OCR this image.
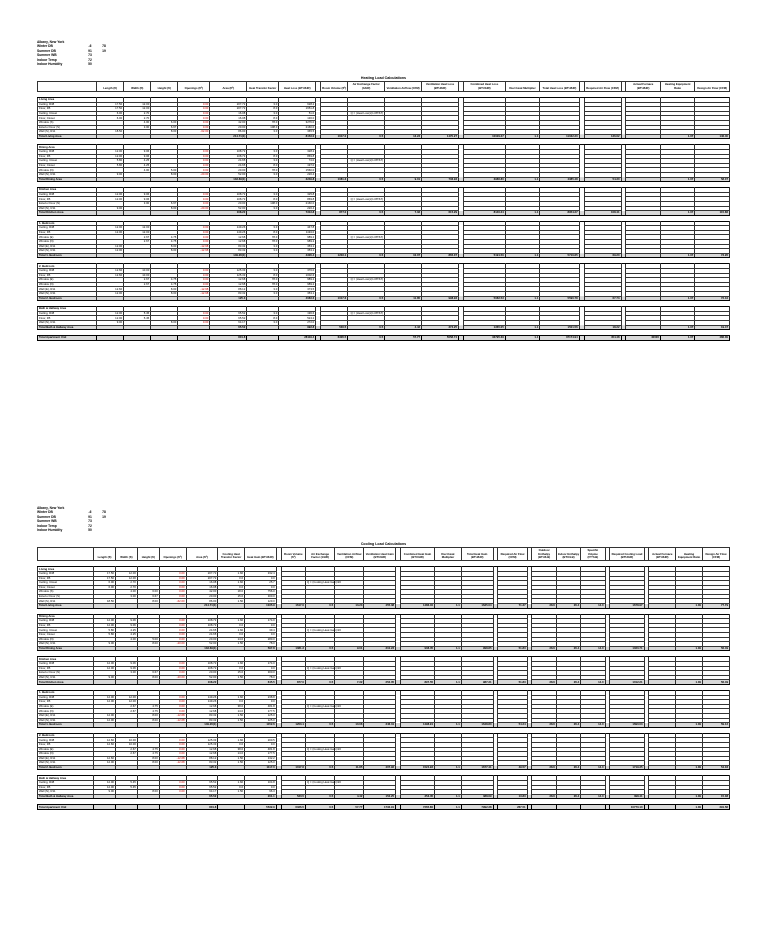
Albany, New York
Winter DB	-6	78
Summer DB	91	19
Summer WB	73
Indoor Temp	72
Indoor Humidity	50
Heating Load Calculations
	Length (ft)	Width (ft)	Height (ft)	Openings (ft²)	Area (ft²)	Heat Transfer Factor	Heat Loss (BTU/HR)		Room Volume (ft³)	Air Exchange Factor (1/HR)	Ventilation Airflow (CFM)	Ventilation Heat Loss (BTU/HR)		Combined Heat Loss (BTU/HR)	Duct Heat Multiplier	Total Heat Loss (BTU/HR)		Required Air Flow (CFM)		Actual Furnace (BTU/HR)	Heating Equipment Ratio	Design Air Flow (CFM)

Living Area																						
Ceiling, R38	17.50	12.00		0.00	207.72	3.0	628.2															
Floor, R5	17.50	12.00		0.00	207.72	8.0	1651.8															
Ceiling, Closet	6.00	2.70		0.00	16.08	3.0	51.0			Q = (Heat Loss)/(1.08*ΔT)												
Floor, Closet	6.00	2.70		0.00	16.08	8.0	130.0															
Window (S)		4.00	6.00	0.00	42.00	78.0	3276.0															
Exterior Door (S)		3.00	6.67	0.00	20.00	108.0	2160.0															
Wall (S), R11	18.50		8.00	-62.00	86.00	3.0	365.5															
Total Living Area					214.71(1)		8153.0		1617.0	0.5	13.23	1470.27		10029.27	1.1	11032.20		136.62			1.07	146.40

Dining Area																						
Ceiling, R38	12.00	9.06		0.00	108.72	3.0	328.2															
Floor, R5	12.00	9.06		0.00	108.72	8.0	869.8															
Ceiling, Closet	5.80	4.25		0.00	24.65	3.0	74.0			Q = (Heat Loss)/(1.08*ΔT)												
Floor, Closet	5.80	4.25		0.00	24.65	8.0	197.0															
Window (N)		4.00	5.00	0.00	20.00	78.0	1560.0															
Wall (N), R11	9.00		8.00	-20.00	52.00	3.0	220.4															
Total Dining Area					133.69(1)		3249.8		1081.3	0.5	9.01	736.93		3986.80	1.1	4385.48		54.30			1.07	58.07

Kitchen Area																						
Ceiling, R38	12.00	9.06		0.00	108.72	3.0	325.8															
Floor, R5	12.00	9.06		0.00	108.72	8.0	869.8			Q = (Heat Loss)/(1.08*ΔT)												
Exterior Door (N)		3.00	6.67	0.00	20.00	108.0	2160.0															
Wall (N), R11	9.00		8.00	-20.00	52.00	3.0	220.4															
Total Kitchen Area					108.22		7313.8		877.0	0.5	7.32	615.29		8140.24	1.1	8954.27		108.41			1.07	115.86

1. Bedroom																						
Ceiling, R38	12.00	12.00		0.00	149.26	3.0	447.8															
Floor, R5	12.00	12.00		0.00	149.26	8.0	1194.0															
Window (E)		2.67	4.75	0.00	12.68	78.0	989.2			Q = (Heat Loss)/(1.08*ΔT)												
Window (N)		2.67	4.75	0.00	12.68	78.0	989.2															
Wall (E), R11	12.00		8.00	-12.68	83.32	3.0	353.1															
Wall (N), R11	12.00		8.00	-12.68	83.32	3.0	353.1															
Total 1. Bedroom					149.26(1)		4326.4		1203.1	0.5	10.07	865.07		5191.50	1.1	5710.65		69.20			1.07	73.95

2. Bedroom																						
Ceiling, R38	12.60	10.00		0.00	125.33	3.0	376.0															
Floor, R5	12.60	10.00		0.00	125.33	8.0	1002.6															
Window (E)		2.67	4.75	0.00	12.68	78.0	989.2			Q = (Heat Loss)/(1.08*ΔT)												
Window (N)		2.67	4.75	0.00	12.68	78.0	989.2															
Wall (E), R11	12.60		8.00	-12.68	88.12	3.0	373.5															
Wall (N), R11	12.00		8.00	-12.68	83.32	3.0	353.1															
Total 2. Bedroom					125.3		4083.6		1017.6	0.5	11.85	998.93		5082.53	1.1	5590.78		67.73			1.07	72.34

Bath & Hallway Area																						
Ceiling, R38	12.00	5.45		0.00	65.52	3.0	196.6			Q = (Heat Loss)/(1.08*ΔT)												
Floor, R5	12.00	5.45		0.00	65.52	8.0	524.2															
Wall (N), R11	9.00		8.00	0.00	64.17	3.0	272.0															
Total Bath & Hallway Area					65.52		992.8		530.5	0.5	4.42	372.25		1365.05	1.1	1501.56		18.22			1.07	19.47

Total Apartment Unit					801.8		28119.4		6326.5	0.5	57.77	5058.74		33795.39	1.1	37174.94		454.48		40000	1.07	486.09
Albany, New York
Winter DB	-6	78
Summer DB	91	19
Summer WB	73
Indoor Temp	72
Indoor Humidity	50
Cooling Load Calculations
	Length (ft)	Width (ft)	Height (ft)	Openings (ft²)	Area (ft²)	Cooling Heat Transfer Factor	Heat Gain (BTU/HR)		Room Volume (ft³)	Air Exchange Factor (1/HR)	Ventilation Airflow (CFM)	Ventilation Heat Gain (BTU/HR)		Combined Heat Gain (BTU/HR)	Duct Heat Multiplier	Total Heat Gain (BTU/HR)		Required Air Flow (CFM)		Outdoor Enthalpy (BTU/LB)	Indoor Enthalpy (BTU/LB)	Specific Volume (FT³/LB)		Required Cooling Load (BTU/HR)		Actual Furnace (BTU/HR)	Heating Equipment Ratio	Design Air Flow (CFM)

Living Area																												
Ceiling, R38	17.50	12.00		0.00	207.72	1.60	332.4																					
Floor, R5	17.50	12.00		0.00	207.72	0.0	0.0																					
Ceiling, Closet	6.00	2.70		0.00	16.08	1.60	25.7			Q = (Cooling Heat Gain)/20																		
Floor, Closet	6.00	2.70		0.00	16.08	0.0	0.0																					
Window (S)		4.00	6.00	0.00	42.00	18.0	756.0																					
Exterior Door (S)		3.00	6.67	0.00	20.00	15.0	300.0																					
Wall (S), R11	18.50		8.00	-62.00	86.00	1.50	129.0																					
Total Living Area					214.71(1)		1035.9		1617.0	0.5	13.23	455.38		1486.40	1.1	1635.04		71.37		38.6	26.4	14.0		1678.97			1.09	77.79

Dining Area																												
Ceiling, R38	12.00	9.06		0.00	108.72	1.60	174.0																					
Floor, R5	12.00	9.06		0.00	108.72	0.0	0.0																					
Ceiling, Closet	5.80	4.25		0.00	24.65	1.60	39.4			Q = (Cooling Heat Gain)/20																		
Floor, Closet	5.80	4.25		0.00	24.65	0.0	0.0																					
Window (N)		4.00	5.00	0.00	20.00	14.0	280.0																					
Wall (N), R11	9.00		8.00	-20.00	52.00	1.50	78.0																					
Total Dining Area					133.69(1)		597.8		1081.3	0.5	9.01	310.23		908.05	1.1	998.85		51.83		38.6	26.4	14.0		1020.71			1.09	56.49

Kitchen Area																												
Ceiling, R38	12.00	9.06		0.00	108.72	1.60	174.0																					
Floor, R5	12.00	9.06		0.00	108.72	0.0	0.0			Q = (Cooling Heat Gain)/20																		
Exterior Door (N)		3.00	6.67	0.00	20.00	15.0	300.0																					
Wall (N), R11	9.00		8.00	-20.00	52.00	1.50	78.0																					
Total Kitchen Area					108.22		645.5		877.0	0.5	7.32	252.05		897.55	1.1	987.31		51.83		38.6	26.4	14.0		1012.21			1.09	56.49

1. Bedroom																												
Ceiling, R38	12.00	12.00		0.00	149.26	1.60	238.8																					
Floor, R5	12.00	12.00		0.00	149.26	0.0	0.0																					
Window (E)		2.67	4.75	0.00	12.68	38.0	481.8			Q = (Cooling Heat Gain)/20																		
Window (N)		2.67	4.75	0.00	12.68	14.0	177.5																					
Wall (E), R11	12.00		8.00	-12.68	83.32	1.50	125.0																					
Wall (N), R11	12.00		8.00	-12.68	83.32	1.50	125.0																					
Total 1. Bedroom					149.26(1)		1152.6		1203.1	0.5	10.06	346.31		1498.91	1.1	1648.80		54.24		38.6	26.4	14.0		1690.03			1.09	59.12

2. Bedroom																												
Ceiling, R38	12.60	10.00		0.00	125.33	1.60	200.5																					
Floor, R5	12.60	10.00		0.00	125.33	0.0	0.0																					
Window (E)		2.67	4.75	0.00	12.68	38.0	481.8			Q = (Cooling Heat Gain)/20																		
Window (N)		2.67	4.75	0.00	12.68	14.0	177.5																					
Wall (E), R11	12.60		8.00	-12.68	88.12	1.50	132.2																					
Wall (N), R11	12.00		8.00	-12.68	83.32	1.50	125.0																					
Total 2. Bedroom					125.3		1117.0		1017.6	0.5	11.85	407.92		1524.92	1.1	1677.41		49.57		38.6	26.4	14.0		1719.35			1.09	54.03

Bath & Hallway Area																												
Ceiling, R38	12.00	5.45		0.00	65.52	1.60	104.8			Q = (Cooling Heat Gain)/20																		
Floor, R5	12.00	5.45		0.00	65.52	0.0	0.0																					
Wall (N), R11	9.00		8.00	0.00	64.17	1.50	96.3																					
Total Bath & Hallway Area					65.52		201.1		530.5	0.5	4.42	152.25		353.35	1.1	388.69		13.83		38.6	26.4	14.0		398.41			1.09	15.08

Total Apartment Unit					801.8		5532.9		6326.5	0.5	57.77	1732.91		7265.80	1.1	7992.38		267.51						10770.10			1.09	291.58
